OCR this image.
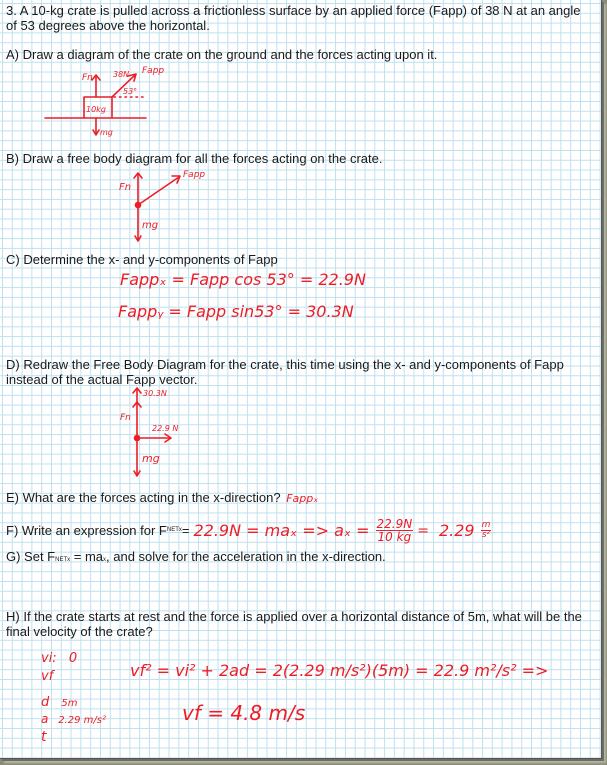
3. A 10-kg crate is pulled across a frictionless surface by an applied force (Fapp) of 38 N at an angle

of 53 degrees above the horizontal.

A) Draw a diagram of the crate on the ground and the forces acting upon it.

Fn	38N Fapp
53°
10kg
mg

B) Draw a free body diagram for all the forces acting on the crate.

Fn
Fapp
mg

C) Determine the x- and y-components of Fapp

Fappₓ = Fapp cos 53° = 22.9N
Fappᵧ = Fapp sin53° = 30.3N

D) Redraw the Free Body Diagram for the crate, this time using the x- and y-components of Fapp

instead of the actual Fapp vector.

30.3N
Fn
22.9 N
mg

E) What are the forces acting in the x-direction? Fappₓ

F) Write an expression for F NETx = $22.9N = ma_x => a_x = \frac{22.9N}{10 kg} = 2.29 \frac{m}{\text{s²}}$

G) Set FNETx = max, and solve for the acceleration in the x-direction.

H) If the crate starts at rest and the force is applied over a horizontal distance of 5m, what will be the

final velocity of the crate?

vi: 0
vf
d 5m
a 2.29 m/s²
t
vf² = vi² + 2ad = 2(2.29 m/s²)(5m) = 22.9 m²/s² =>
vf = 4.8 m/s
